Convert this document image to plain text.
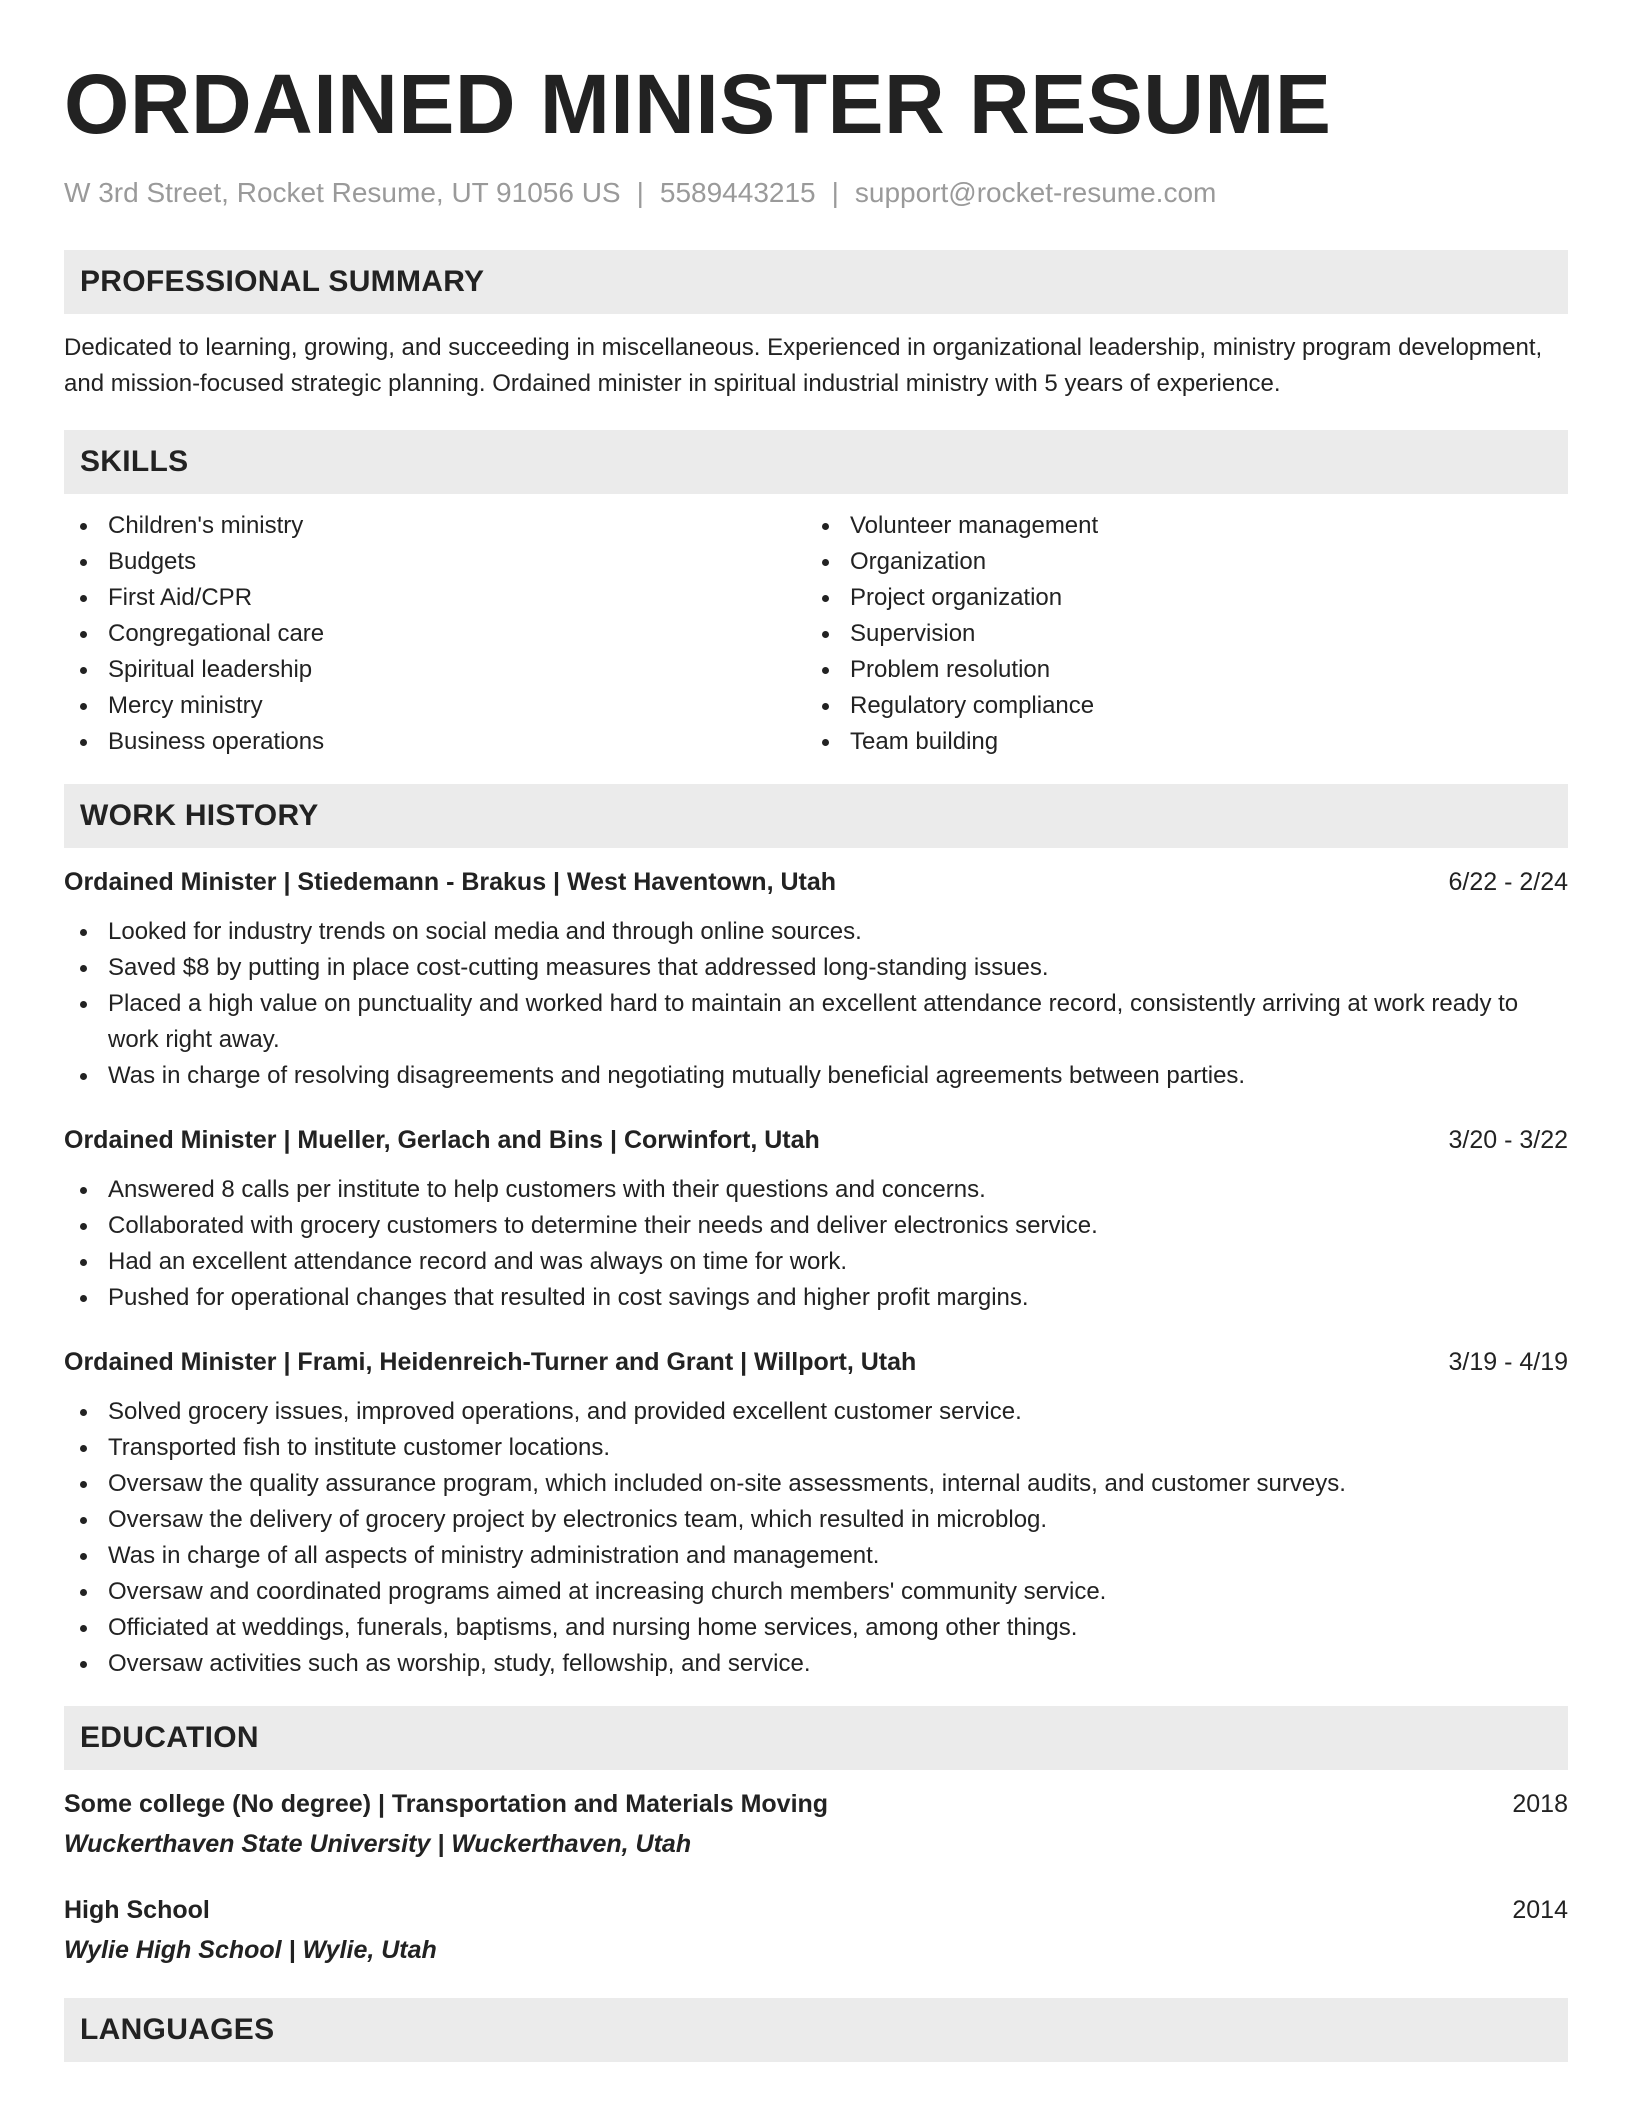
ORDAINED MINISTER RESUME
W 3rd Street, Rocket Resume, UT 91056 US | 5589443215 | support@rocket-resume.com
PROFESSIONAL SUMMARY
Dedicated to learning, growing, and succeeding in miscellaneous. Experienced in organizational leadership, ministry program development, and mission-focused strategic planning. Ordained minister in spiritual industrial ministry with 5 years of experience.
SKILLS
Children's ministry
Budgets
First Aid/CPR
Congregational care
Spiritual leadership
Mercy ministry
Business operations
Volunteer management
Organization
Project organization
Supervision
Problem resolution
Regulatory compliance
Team building
WORK HISTORY
Ordained Minister | Stiedemann - Brakus | West Haventown, Utah	6/22 - 2/24
Looked for industry trends on social media and through online sources.
Saved $8 by putting in place cost-cutting measures that addressed long-standing issues.
Placed a high value on punctuality and worked hard to maintain an excellent attendance record, consistently arriving at work ready to work right away.
Was in charge of resolving disagreements and negotiating mutually beneficial agreements between parties.
Ordained Minister | Mueller, Gerlach and Bins | Corwinfort, Utah	3/20 - 3/22
Answered 8 calls per institute to help customers with their questions and concerns.
Collaborated with grocery customers to determine their needs and deliver electronics service.
Had an excellent attendance record and was always on time for work.
Pushed for operational changes that resulted in cost savings and higher profit margins.
Ordained Minister | Frami, Heidenreich-Turner and Grant | Willport, Utah	3/19 - 4/19
Solved grocery issues, improved operations, and provided excellent customer service.
Transported fish to institute customer locations.
Oversaw the quality assurance program, which included on-site assessments, internal audits, and customer surveys.
Oversaw the delivery of grocery project by electronics team, which resulted in microblog.
Was in charge of all aspects of ministry administration and management.
Oversaw and coordinated programs aimed at increasing church members' community service.
Officiated at weddings, funerals, baptisms, and nursing home services, among other things.
Oversaw activities such as worship, study, fellowship, and service.
EDUCATION
Some college (No degree) | Transportation and Materials Moving	2018
Wuckerthaven State University | Wuckerthaven, Utah
High School	2014
Wylie High School | Wylie, Utah
LANGUAGES
